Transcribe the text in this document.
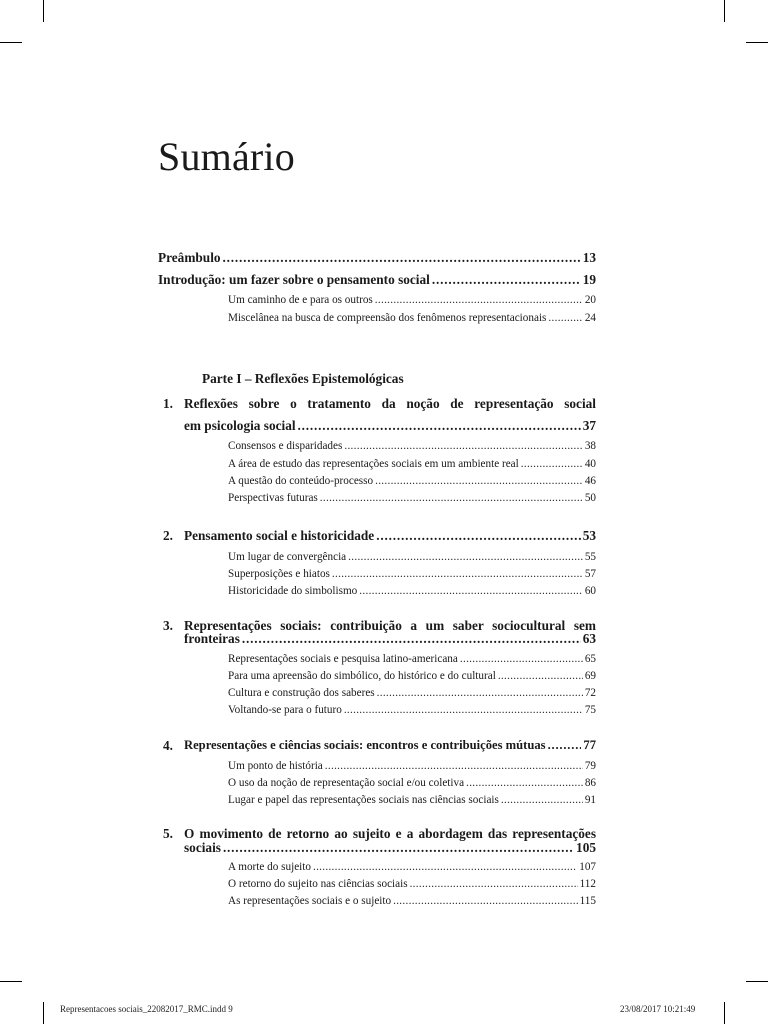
Sumário
Preâmbulo .....	13
Introdução: um fazer sobre o pensamento social .....	19
Um caminho de e para os outros .....	20
Miscelânea na busca de compreensão dos fenômenos representacionais .....	24
Parte I – Reflexões Epistemológicas
1. Reflexões sobre o tratamento da noção de representação social
em psicologia social .....	37
Consensos e disparidades .....	38
A área de estudo das representações sociais em um ambiente real .....	40
A questão do conteúdo-processo .....	46
Perspectivas futuras .....	50
2. Pensamento social e historicidade .....	53
Um lugar de convergência .....	55
Superposições e hiatos .....	57
Historicidade do simbolismo .....	60
3. Representações sociais: contribuição a um saber sociocultural sem
fronteiras .....	63
Representações sociais e pesquisa latino-americana .....	65
Para uma apreensão do simbólico, do histórico e do cultural .....	69
Cultura e construção dos saberes .....	72
Voltando-se para o futuro .....	75
4. Representações e ciências sociais: encontros e contribuições mútuas .....	77
Um ponto de história .....	79
O uso da noção de representação social e/ou coletiva .....	86
Lugar e papel das representações sociais nas ciências sociais .....	91
5. O movimento de retorno ao sujeito e a abordagem das representações
sociais .....	105
A morte do sujeito .....	107
O retorno do sujeito nas ciências sociais .....	112
As representações sociais e o sujeito .....	115
Representacoes sociais_22082017_RMC.indd 9	23/08/2017 10:21:49
